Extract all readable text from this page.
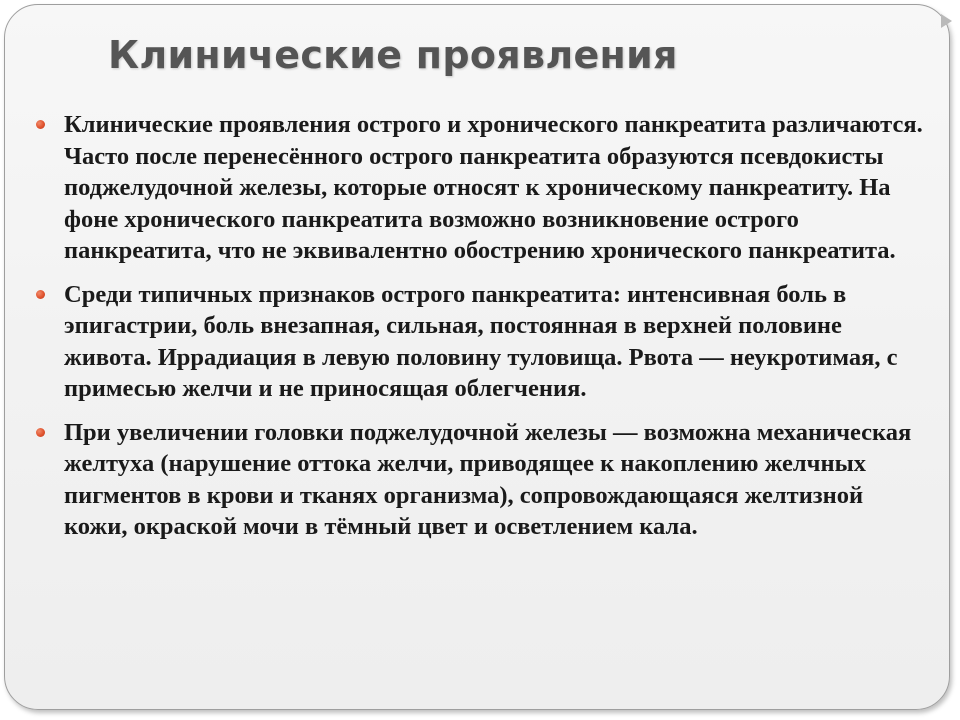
Клинические проявления
Клинические проявления острого и хронического панкреатита различаются. Часто после перенесённого острого панкреатита образуются псевдокисты поджелудочной железы, которые относят к хроническому панкреатиту. На фоне хронического панкреатита возможно возникновение острого панкреатита, что не эквивалентно обострению хронического панкреатита.
Среди типичных признаков острого панкреатита: интенсивная боль в эпигастрии, боль внезапная, сильная, постоянная в верхней половине живота. Иррадиация в левую половину туловища. Рвота — неукротимая, с примесью желчи и не приносящая облегчения.
При увеличении головки поджелудочной железы — возможна механическая желтуха (нарушение оттока желчи, приводящее к накоплению желчных пигментов в крови и тканях организма), сопровождающаяся желтизной кожи, окраской мочи в тёмный цвет и осветлением кала.
